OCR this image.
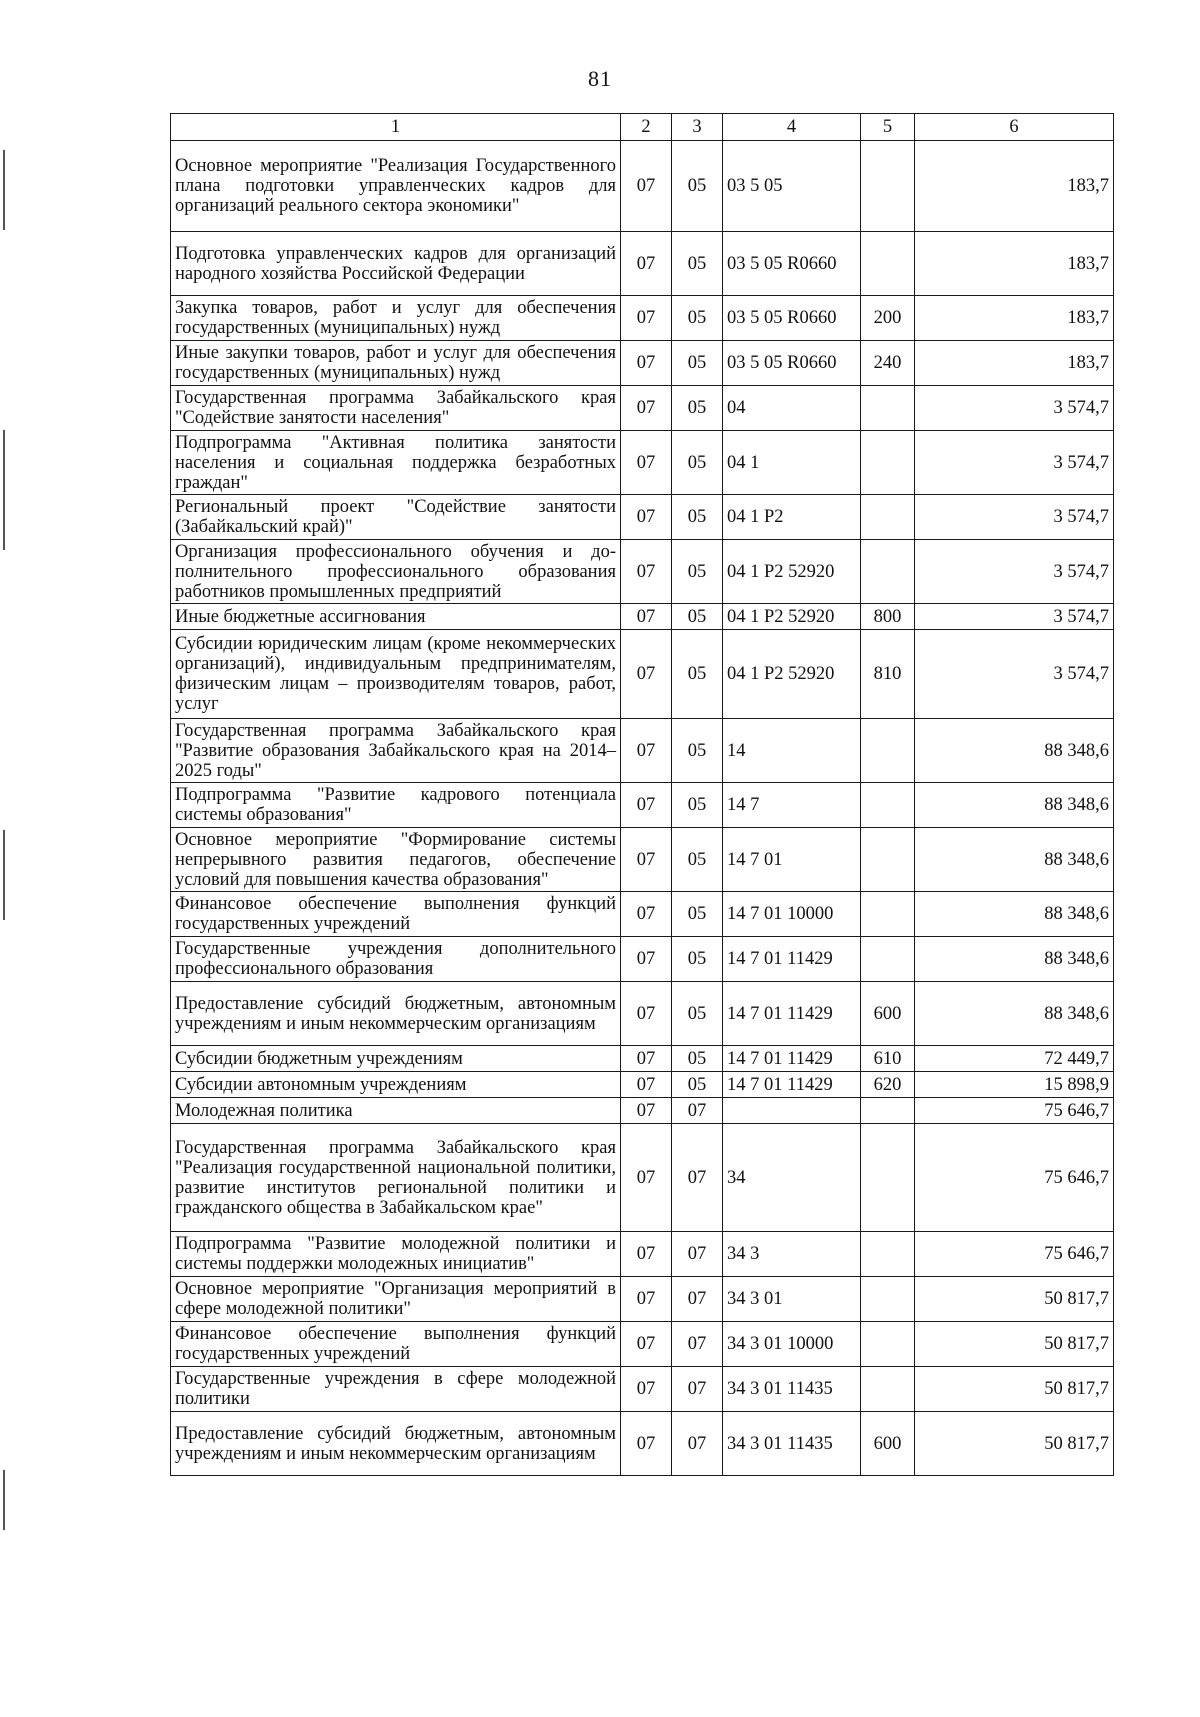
81
1	2	3	4	5	6
Основное мероприятие "Реализация Государственного плана подготовки управленческих кадров для организаций реального сектора экономики"	07	05	03 5 05		183,7
Подготовка управленческих кадров для организаций народного хозяйства Российской Федерации	07	05	03 5 05 R0660		183,7
Закупка товаров, работ и услуг для обеспечения государственных (муниципальных) нужд	07	05	03 5 05 R0660	200	183,7
Иные закупки товаров, работ и услуг для обеспечения государственных (муниципальных) нужд	07	05	03 5 05 R0660	240	183,7
Государственная программа Забайкальского края "Содействие занятости населения"	07	05	04		3 574,7
Подпрограмма "Активная политика занятости населения и социальная поддержка безработных граждан"	07	05	04 1		3 574,7
Региональный проект "Содействие занятости (Забайкальский край)"	07	05	04 1 P2		3 574,7
Организация профессионального обучения и дополнительного профессионального образования работников промышленных предприятий	07	05	04 1 P2 52920		3 574,7
Иные бюджетные ассигнования	07	05	04 1 P2 52920	800	3 574,7
Субсидии юридическим лицам (кроме некоммерческих организаций), индивидуальным предпринимателям, физическим лицам – производителям товаров, работ, услуг	07	05	04 1 P2 52920	810	3 574,7
Государственная программа Забайкальского края "Развитие образования Забайкальского края на 2014–2025 годы"	07	05	14		88 348,6
Подпрограмма "Развитие кадрового потенциала системы образования"	07	05	14 7		88 348,6
Основное мероприятие "Формирование системы непрерывного развития педагогов, обеспечение условий для повышения качества образования"	07	05	14 7 01		88 348,6
Финансовое обеспечение выполнения функций государственных учреждений	07	05	14 7 01 10000		88 348,6
Государственные учреждения дополнительного профессионального образования	07	05	14 7 01 11429		88 348,6
Предоставление субсидий бюджетным, автономным учреждениям и иным некоммерческим организациям	07	05	14 7 01 11429	600	88 348,6
Субсидии бюджетным учреждениям	07	05	14 7 01 11429	610	72 449,7
Субсидии автономным учреждениям	07	05	14 7 01 11429	620	15 898,9
Молодежная политика	07	07			75 646,7
Государственная программа Забайкальского края "Реализация государственной национальной политики, развитие институтов региональной политики и гражданского общества в Забайкальском крае"	07	07	34		75 646,7
Подпрограмма "Развитие молодежной политики и системы поддержки молодежных инициатив"	07	07	34 3		75 646,7
Основное мероприятие "Организация мероприятий в сфере молодежной политики"	07	07	34 3 01		50 817,7
Финансовое обеспечение выполнения функций государственных учреждений	07	07	34 3 01 10000		50 817,7
Государственные учреждения в сфере молодежной политики	07	07	34 3 01 11435		50 817,7
Предоставление субсидий бюджетным, автономным учреждениям и иным некоммерческим организациям	07	07	34 3 01 11435	600	50 817,7
